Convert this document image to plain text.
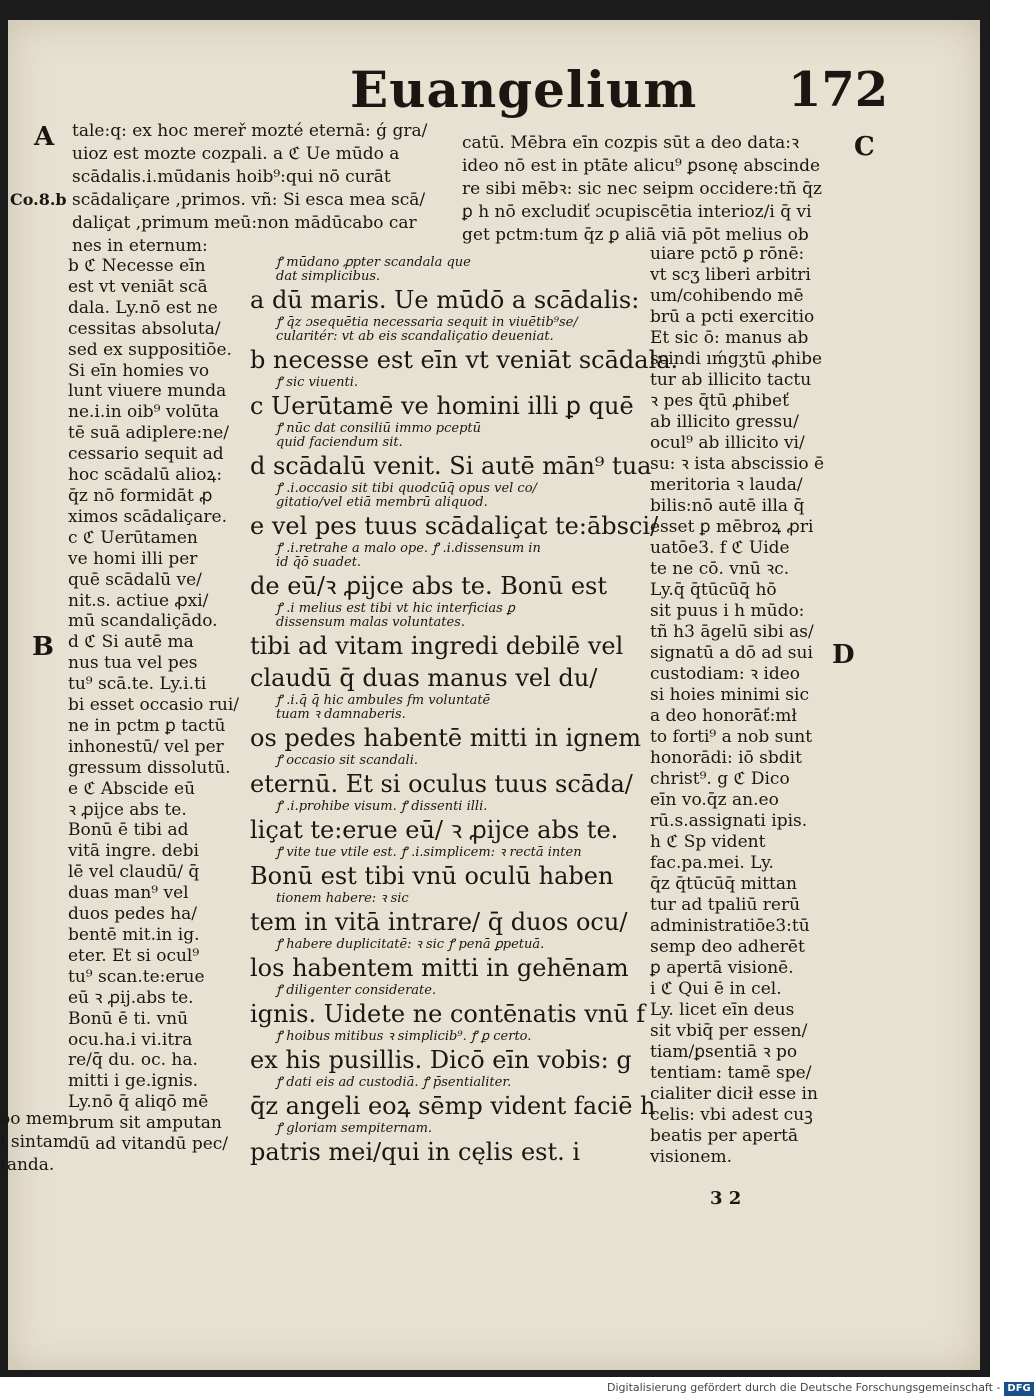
Euangelium 172
A
B
C
D
Co.8.b
ōo mem
i sintam
tanda.
tale:q: ex hoc mereř mozté eternā: ǵ gra/
uioz est mozte cozpali. a ℭ Ue mūdo a
scādalis.i.mūdanis hoib⁹:qui nō curāt
scādaliçare ,primos. vñ: Si esca mea scā/
daliçat ,primum meū:non mādūcabo car
nes in eternum:
catū. Mēbra eīn cozpis sūt a deo data:ꝛ
ideo nō est in ptāte alicu⁹ ꝑsonę abscinde
re sibi mēbꝛ: sic nec seipm occidere:tñ q̄z
ꝑ h nō excludiť ɔcupiscētia interioz/i q̄ vi
get pctm:tum q̄z ꝑ aliā viā pōt melius ob
b ℭ Necesse eīn
est vt veniāt scā
dala. Ly.nō est ne
cessitas absoluta/
sed ex suppositiōe.
Si eīn homies vo
lunt viuere munda
ne.i.in oib⁹ volūta
tē suā adiplere:ne/
cessario sequit ad
hoc scādalū alioꝝ:
q̄z nō formidāt ꝓ
ximos scādaliçare.
c ℭ Uerūtamen
ve homi illi per
quē scādalū ve/
nit.s. actiue ꝓxi/
mū scandaliçādo.
d ℭ Si autē ma
nus tua vel pes
tu⁹ scā.te. Ly.i.ti
bi esset occasio rui/
ne in pctm ꝑ tactū
inhonestū/ vel per
gressum dissolutū.
e ℭ Abscide eū
ꝛ ꝓijce abs te.
Bonū ē tibi ad
vitā ingre. debi
lē vel claudū/ q̄̄
duas man⁹ vel
duos pedes ha/
bentē mit.in ig.
eter. Et si ocul⁹
tu⁹ scan.te:erue
eū ꝛ ꝓij.abs te.
Bonū ē ti. vnū
ocu.ha.i vi.itra
re/q̄̄ du. oc. ha.
mitti i ge.ignis.
Ly.nō q̄ aliqō mē
brum sit amputan
dū ad vitandū pec/
ꝭ mūdano ꝓpter scandala que
dat simplicibus.
a dū maris. Ue mūdō a scādalis:
ꝭ q̄z ɔsequētia necessaria sequit in viuētib⁹se/
cularitér: vt ab eis scandaliçatio deueniat.
b necesse est eīn vt veniāt scādala.
ꝭ sic viuenti.
c Uerūtamē ve homini illi ꝑ quē
ꝭ nūc dat consiliū immo pceptū
quid faciendum sit.
d scādalū venit. Si autē mān⁹ tua
ꝭ .i.occasio sit tibi quodcūq̄ opus vel co/
gitatio/vel etiā membrū aliquod.
e vel pes tuus scādaliçat te:ābsci/
ꝭ .i.retrahe a malo ope. ꝭ .i.dissensum in
id q̄ō suadet.
de eū/ꝛ ꝓijce abs te. Bonū est
ꝭ .i melius est tibi vt hic interficias ꝑ
dissensum malas voluntates.
tibi ad vitam ingredi debilē vel
claudū q̄̄ duas manus vel du/
ꝭ .i.q̄ q̄ hic ambules fm voluntatē
tuam ꝛ damnaberis.
os pedes habentē mitti in ignem
ꝭ occasio sit scandali.
eternū. Et si oculus tuus scāda/
ꝭ .i.prohibe visum. ꝭ dissenti illi.
liçat te:erue eū/ ꝛ ꝓijce abs te.
ꝭ vite tue vtile est. ꝭ .i.simplicem: ꝛ rectā inten
Bonū est tibi vnū oculū haben
tionem habere: ꝛ sic
tem in vitā intrare/ q̄̄ duos ocu/
ꝭ habere duplicitatē: ꝛ sic ꝭ penā ꝑpetuā.
los habentem mitti in gehēnam
ꝭ diligenter considerate.
ignis. Uidete ne contēnatis vnū f
ꝭ hoibus mitibus ꝛ simplicib⁹. ꝭ ꝑ certo.
ex his pusillis. Dicō eīn vobis: g
ꝭ dati eis ad custodiā. ꝭ p̄sentialiter.
q̄z angeli eoꝝ sēmp vident faciē h
ꝭ gloriam sempiternam.
patris mei/qui in cęlis est. i
uiare pctō ꝑ rōnē:
vt scʒ liberi arbitri
um/cohibendo mē
brū a pcti exercitio
Et sic ō: manus ab
scindi ıḿgʒtū ꝓhibe
tur ab illicito tactu
ꝛ pes q̄tū ꝓhibeť
ab illicito gressu/
ocul⁹ ab illicito vi/
su: ꝛ ista abscissio ē
meritoria ꝛ lauda/
bilis:nō autē illa q̄
esset ꝑ mēbroꝝ ꝓri
uatōe3. f ℭ Uide
te ne cō. vnū ꝛc.
Ly.q̄ q̄tūcūq̄ hō
sit puus i h mūdo:
tñ h3 āgelū sibi as/
signatū a dō ad sui
custodiam: ꝛ ideo
si hoies minimi sic
a deo honorāť:mł
to forti⁹ a nob sunt
honorādi: iō sbdit
christ⁹. g ℭ Dico
eīn vo.q̄z an.eo
rū.s.assignati ipis.
h ℭ Sp vident
fac.pa.mei. Ly.
q̄z q̄tūcūq̄ mittan
tur ad tpaliū rerū
administratiōe3:tū
semp deo adherēt
ꝑ apertā visionē.
i ℭ Qui ē in cel.
Ly. licet eīn deus
sit vbiq̄ per essen/
tiam/ꝑsentiā ꝛ po
tentiam: tamē spe/
cialiter dicił esse in
celis: vbi adest cuꝫ
beatis per apertā
visionem.
3 2
Digitalisierung gefördert durch die Deutsche Forschungsgemeinschaft - DFG
